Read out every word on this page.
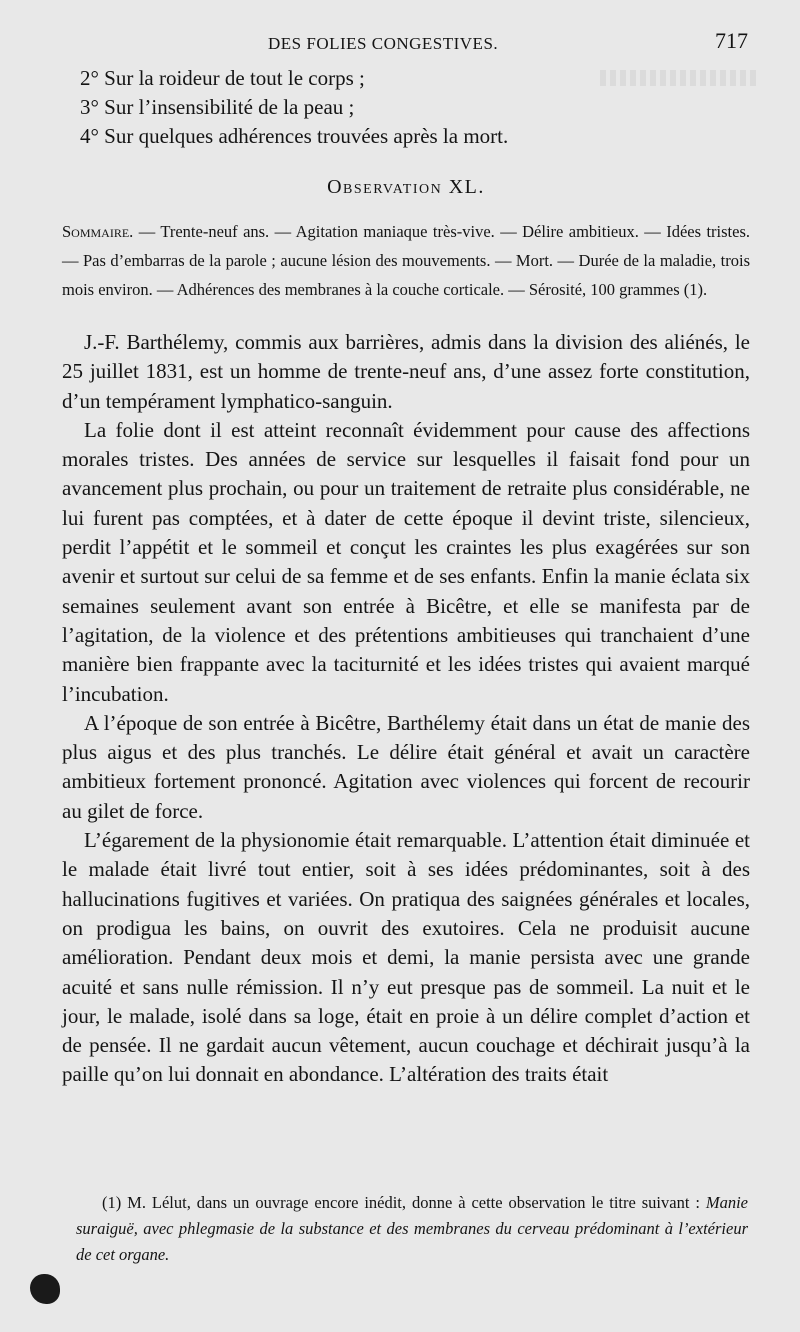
DES FOLIES CONGESTIVES.	717
2° Sur la roideur de tout le corps ;
3° Sur l’insensibilité de la peau ;
4° Sur quelques adhérences trouvées après la mort.
Observation XL.
Sommaire. — Trente-neuf ans. — Agitation maniaque très-vive. — Délire ambitieux. — Idées tristes. — Pas d’embarras de la parole ; aucune lésion des mouvements. — Mort. — Durée de la maladie, trois mois environ. — Adhérences des membranes à la couche corticale. — Sérosité, 100 grammes (1).

J.-F. Barthélemy, commis aux barrières, admis dans la division des aliénés, le 25 juillet 1831, est un homme de trente-neuf ans, d’une assez forte constitution, d’un tempérament lymphatico-sanguin.

La folie dont il est atteint reconnaît évidemment pour cause des affections morales tristes. Des années de service sur lesquelles il faisait fond pour un avancement plus prochain, ou pour un traitement de retraite plus considérable, ne lui furent pas comptées, et à dater de cette époque il devint triste, silencieux, perdit l’appétit et le sommeil et conçut les craintes les plus exagérées sur son avenir et surtout sur celui de sa femme et de ses enfants. Enfin la manie éclata six semaines seulement avant son entrée à Bicêtre, et elle se manifesta par de l’agitation, de la violence et des prétentions ambitieuses qui tranchaient d’une manière bien frappante avec la taciturnité et les idées tristes qui avaient marqué l’incubation.

A l’époque de son entrée à Bicêtre, Barthélemy était dans un état de manie des plus aigus et des plus tranchés. Le délire était général et avait un caractère ambitieux fortement prononcé. Agitation avec violences qui forcent de recourir au gilet de force.

L’égarement de la physionomie était remarquable. L’attention était diminuée et le malade était livré tout entier, soit à ses idées prédominantes, soit à des hallucinations fugitives et variées. On pratiqua des saignées générales et locales, on prodigua les bains, on ouvrit des exutoires. Cela ne produisit aucune amélioration. Pendant deux mois et demi, la manie persista avec une grande acuité et sans nulle rémission. Il n’y eut presque pas de sommeil. La nuit et le jour, le malade, isolé dans sa loge, était en proie à un délire complet d’action et de pensée. Il ne gardait aucun vêtement, aucun couchage et déchirait jusqu’à la paille qu’on lui donnait en abondance. L’altération des traits était

(1) M. Lélut, dans un ouvrage encore inédit, donne à cette observation le titre suivant : Manie suraiguë, avec phlegmasie de la substance et des membranes du cerveau prédominant à l’extérieur de cet organe.
